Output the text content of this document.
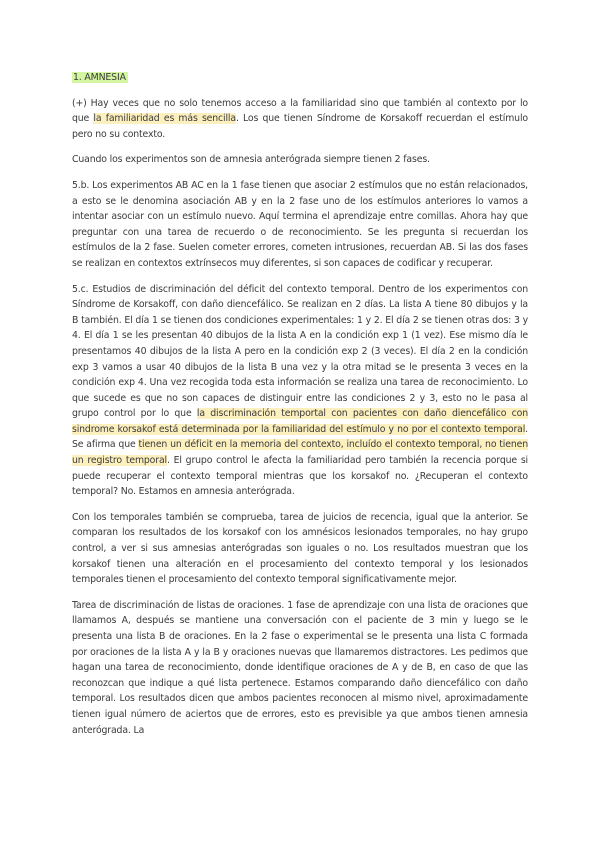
1. AMNESIA

(+) Hay veces que no solo tenemos acceso a la familiaridad sino que también al contexto por lo que la familiaridad es más sencilla. Los que tienen Síndrome de Korsakoff recuerdan el estímulo pero no su contexto.

Cuando los experimentos son de amnesia anterógrada siempre tienen 2 fases.

5.b. Los experimentos AB AC en la 1 fase tienen que asociar 2 estímulos que no están relacionados, a esto se le denomina asociación AB y en la 2 fase uno de los estímulos anteriores lo vamos a intentar asociar con un estímulo nuevo. Aquí termina el aprendizaje entre comillas. Ahora hay que preguntar con una tarea de recuerdo o de reconocimiento. Se les pregunta si recuerdan los estímulos de la 2 fase. Suelen cometer errores, cometen intrusiones, recuerdan AB. Si las dos fases se realizan en contextos extrínsecos muy diferentes, si son capaces de codificar y recuperar.

5.c. Estudios de discriminación del déficit del contexto temporal. Dentro de los experimentos con Síndrome de Korsakoff, con daño diencefálico. Se realizan en 2 días. La lista A tiene 80 dibujos y la B también. El día 1 se tienen dos condiciones experimentales: 1 y 2. El día 2 se tienen otras dos: 3 y 4. El día 1 se les presentan 40 dibujos de la lista A en la condición exp 1 (1 vez). Ese mismo día le presentamos 40 dibujos de la lista A pero en la condición exp 2 (3 veces). El día 2 en la condición exp 3 vamos a usar 40 dibujos de la lista B una vez y la otra mitad se le presenta 3 veces en la condición exp 4. Una vez recogida toda esta información se realiza una tarea de reconocimiento. Lo que sucede es que no son capaces de distinguir entre las condiciones 2 y 3, esto no le pasa al grupo control por lo que la discriminación temportal con pacientes con daño diencefálico con sindrome korsakof está determinada por la familiaridad del estímulo y no por el contexto temporal. Se afirma que tienen un déficit en la memoria del contexto, incluído el contexto temporal, no tienen un registro temporal. El grupo control le afecta la familiaridad pero también la recencia porque si puede recuperar el contexto temporal mientras que los korsakof no. ¿Recuperan el contexto temporal? No. Estamos en amnesia anterógrada.

Con los temporales también se comprueba, tarea de juicios de recencia, igual que la anterior. Se comparan los resultados de los korsakof con los amnésicos lesionados temporales, no hay grupo control, a ver si sus amnesias anterógradas son iguales o no. Los resultados muestran que los korsakof tienen una alteración en el procesamiento del contexto temporal y los lesionados temporales tienen el procesamiento del contexto temporal significativamente mejor.

Tarea de discriminación de listas de oraciones. 1 fase de aprendizaje con una lista de oraciones que llamamos A, después se mantiene una conversación con el paciente de 3 min y luego se le presenta una lista B de oraciones. En la 2 fase o experimental se le presenta una lista C formada por oraciones de la lista A y la B y oraciones nuevas que llamaremos distractores. Les pedimos que hagan una tarea de reconocimiento, donde identifique oraciones de A y de B, en caso de que las reconozcan que indique a qué lista pertenece. Estamos comparando daño diencefálico con daño temporal. Los resultados dicen que ambos pacientes reconocen al mismo nivel, aproximadamente tienen igual número de aciertos que de errores, esto es previsible ya que ambos tienen amnesia anterógrada. La
